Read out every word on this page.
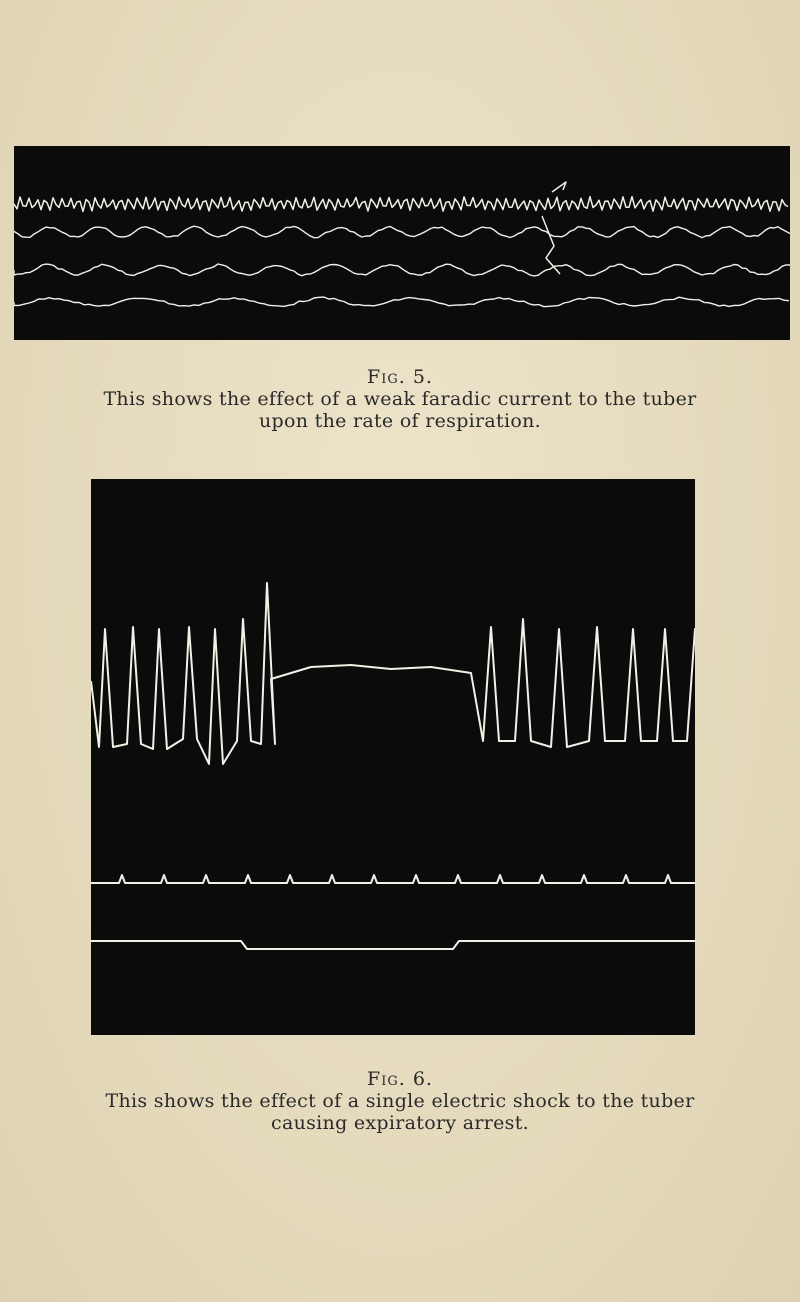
Fig. 5.
This shows the effect of a weak faradic current to the tuber
upon the rate of respiration.
Fig. 6.
This shows the effect of a single electric shock to the tuber
causing expiratory arrest.
